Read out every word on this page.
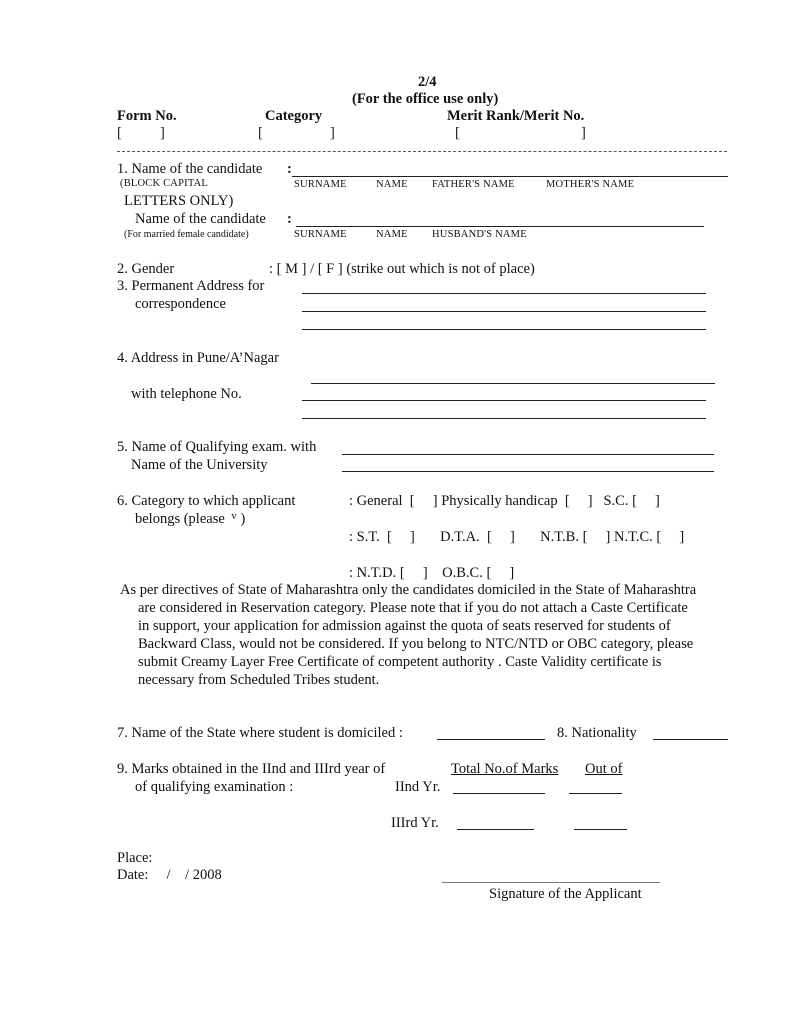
2/4
(For the office use only)
Form No.	Category	Merit Rank/Merit No.
[	]	[	]	[	]
1. Name of the candidate :
(BLOCK CAPITAL
LETTERS ONLY)
SURNAME	NAME FATHER'S NAME	MOTHER'S NAME
Name of the candidate :
(For married female candidate)	SURNAME	NAME HUSBAND'S NAME
2. Gender	: [ M ] / [ F ] (strike out which is not of place)
3. Permanent Address for
correspondence
4. Address in Pune/A’Nagar
with telephone No.
5. Name of Qualifying exam. with
Name of the University
6. Category to which applicant
belongs (please $^v$ )
: General  [     ] Physically handicap  [     ]   S.C. [     ]
: S.T.  [     ]       D.T.A.  [     ]       N.T.B. [     ] N.T.C. [     ]
: N.T.D. [     ]    O.B.C. [     ]
As per directives of State of Maharashtra only the candidates domiciled in the State of Maharashtra
are considered in Reservation category. Please note that if you do not attach a Caste Certificate
in support, your application for admission against the quota of seats reserved for students of
Backward Class, would not be considered. If you belong to NTC/NTD or OBC category, please
submit Creamy Layer Free Certificate of competent authority . Caste Validity certificate is
necessary from Scheduled Tribes student.
7. Name of the State where student is domiciled :	8. Nationality
9. Marks obtained in the IInd and IIIrd year of
of qualifying examination :
Total No.of Marks Out of
IInd Yr.
IIIrd Yr.
Place:
Date:     /    / 2008
Signature of the Applicant
